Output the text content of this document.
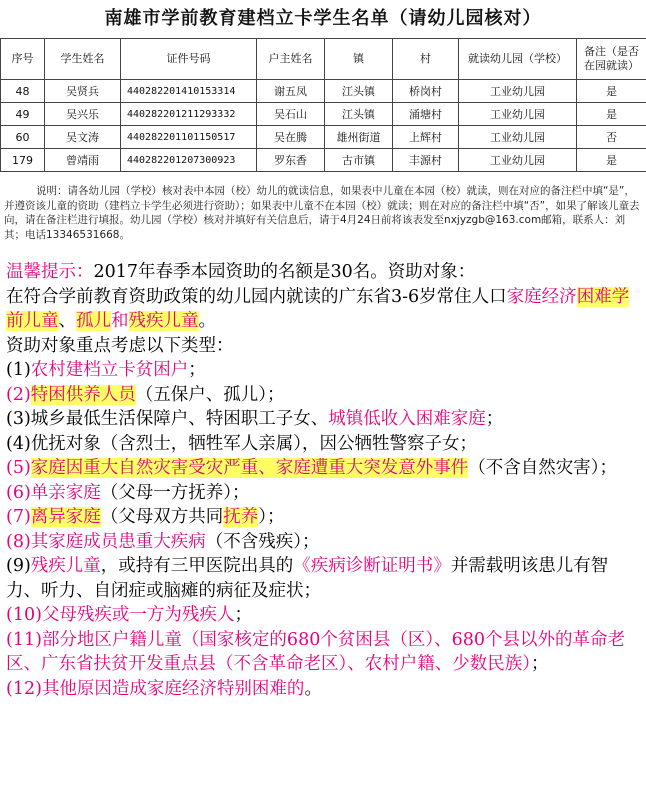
南雄市学前教育建档立卡学生名单（请幼儿园核对）
序号	学生姓名	证件号码	户主姓名	镇	村	就读幼儿园（学校）	备注（是否在园就读）
48	吴贤兵	440282201410153314	谢五凤	江头镇	桥岗村	工业幼儿园	是
49	吴兴乐	440282201211293332	吴石山	江头镇	涌塘村	工业幼儿园	是
60	吴文涛	440282201101150517	吴在腾	雄州街道	上辉村	工业幼儿园	否
179	曾靖雨	440282201207300923	罗东香	古市镇	丰源村	工业幼儿园	是
说明：请各幼儿园（学校）核对表中本园（校）幼儿的就读信息，如果表中儿童在本园（校）就读，则在对应的备注栏中填“是”，并遵资该儿童的资助（建档立卡学生必须进行资助）；如果表中儿童不在本园（校）就读；则在对应的备注栏中填“否”，如果了解该儿童去向，请在备注栏进行填报。幼儿园（学校）核对并填好有关信息后，请于4月24日前将该表发至nxjyzgb@163.com邮箱，联系人：刘其；电话13346531668。
温馨提示：2017年春季本园资助的名额是30名。资助对象：
在符合学前教育资助政策的幼儿园内就读的广东省3-6岁常住人口家庭经济困难学前儿童、孤儿和残疾儿童。
资助对象重点考虑以下类型：
(1)农村建档立卡贫困户；
(2)特困供养人员（五保户、孤儿）；
(3)城乡最低生活保障户、特困职工子女、城镇低收入困难家庭；
(4)优抚对象（含烈士，牺牲军人亲属），因公牺牲警察子女；
(5)家庭因重大自然灾害受灾严重、家庭遭重大突发意外事件（不含自然灾害）；
(6)单亲家庭（父母一方抚养）；
(7)离异家庭（父母双方共同抚养）；
(8)其家庭成员患重大疾病（不含残疾）；
(9)残疾儿童，或持有三甲医院出具的《疾病诊断证明书》并需载明该患儿有智力、听力、自闭症或脑瘫的病征及症状；
(10)父母残疾或一方为残疾人；
(11)部分地区户籍儿童（国家核定的680个贫困县（区）、680个县以外的革命老区、广东省扶贫开发重点县（不含革命老区）、农村户籍、少数民族）；
(12)其他原因造成家庭经济特别困难的。
